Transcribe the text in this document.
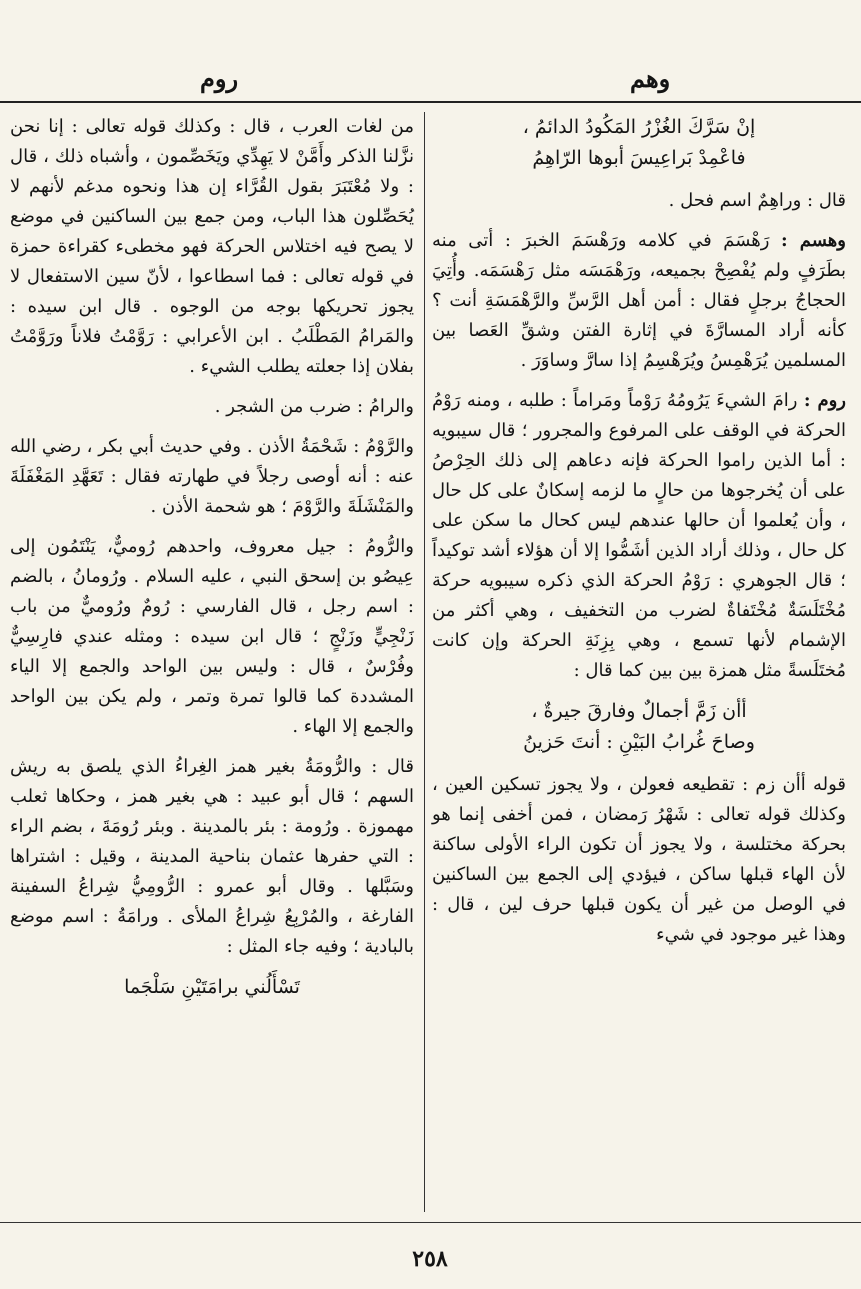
روم	وهم
إنْ سَرَّكَ الغُزْرُ المَكُودُ الدائمُ ،
فاعْمِدْ بَراعِيسَ أبوها الرّاهِمُ

قال : وراهِمٌ اسم فحل .

وهسم : رَهْسَمَ في كلامه ورَهْسَمَ الخبرَ : أتى منه بطَرَفٍ ولم يُفْصِحْ بجميعه، ورَهْمَسَه مثل رَهْسَمَه. وأُتِيَ الحجاجُ برجلٍ فقال : أمن أهل الرَّسِّ والرَّهْمَسَةِ أنت ؟ كأنه أراد المسارَّةَ في إثارة الفتن وشقِّ العَصا بين المسلمين يُرَهْمِسُ ويُرَهْسِمُ إذا سارَّ وساوَرَ .

روم : رامَ الشيءَ يَرُومُهُ رَوْماً ومَراماً : طلبه ، ومنه رَوْمُ الحركة في الوقف على المرفوع والمجرور ؛ قال سيبويه : أما الذين راموا الحركة فإنه دعاهم إلى ذلك الحِرْصُ على أن يُخرجوها من حالٍ ما لزمه إسكانٌ على كل حال ، وأن يُعلموا أن حالها عندهم ليس كحال ما سكن على كل حال ، وذلك أراد الذين أشَمُّوا إلا أن هؤلاء أشد توكيداً ؛ قال الجوهري : رَوْمُ الحركة الذي ذكره سيبويه حركة مُخْتَلَسَةٌ مُخْتَفاةٌ لضرب من التخفيف ، وهي أكثر من الإشمام لأنها تسمع ، وهي بِزِنَةِ الحركة وإن كانت مُختَلَسةً مثل همزة بين بين كما قال :

أأن زَمَّ أجمالٌ وفارقَ جيرةٌ ،
وصاحَ غُرابُ البَيْنِ : أنتَ حَزينُ

قوله أأن زم : تقطيعه فعولن ، ولا يجوز تسكين العين ، وكذلك قوله تعالى : شَهْرُ رَمضان ، فمن أخفى إنما هو بحركة مختلسة ، ولا يجوز أن تكون الراء الأولى ساكنة لأن الهاء قبلها ساكن ، فيؤدي إلى الجمع بين الساكنين في الوصل من غير أن يكون قبلها حرف لين ، قال : وهذا غير موجود في شيء

من لغات العرب ، قال : وكذلك قوله تعالى : إنا نحن نزَّلنا الذكر وأَمَّنْ لا يَهِدِّي ويَخَصِّمون ، وأشباه ذلك ، قال : ولا مُعْتَبَرَ بقول القُرَّاء إن هذا ونحوه مدغم لأنهم لا يُحَصِّلون هذا الباب، ومن جمع بين الساكنين في موضع لا يصح فيه اختلاس الحركة فهو مخطىء كقراءة حمزة في قوله تعالى : فما اسطاعوا ، لأنّ سين الاستفعال لا يجوز تحريكها بوجه من الوجوه . قال ابن سيده : والمَرامُ المَطْلَبُ . ابن الأعرابي : رَوَّمْتُ فلاناً ورَوَّمْتُ بفلان إذا جعلته يطلب الشيء .

والرامُ : ضرب من الشجر .

والرَّوْمُ : شَحْمَةُ الأذن . وفي حديث أبي بكر ، رضي الله عنه : أنه أوصى رجلاً في طهارته فقال : تَعَهَّدِ المَغْفَلَةَ والمَنْشَلَةَ والرَّوْمَ ؛ هو شحمة الأذن .

والرُّومُ : جيل معروف، واحدهم رُوميٌّ، يَنْتَمُون إلى عِيصُو بن إسحق النبي ، عليه السلام . ورُومانُ ، بالضم : اسم رجل ، قال الفارسي : رُومٌ ورُوميٌّ من باب زَنْجِيٍّ وزَنْجٍ ؛ قال ابن سيده : ومثله عندي فارِسِيٌّ وفُرْسٌ ، قال : وليس بين الواحد والجمع إلا الياء المشددة كما قالوا تمرة وتمر ، ولم يكن بين الواحد والجمع إلا الهاء .

قال : والرُّومَةُ بغير همز الغِراءُ الذي يلصق به ريش السهم ؛ قال أبو عبيد : هي بغير همز ، وحكاها ثعلب مهموزة . ورُومة : بئر بالمدينة . وبئر رُومَةَ ، بضم الراء : التي حفرها عثمان بناحية المدينة ، وقيل : اشتراها وسَبَّلها . وقال أبو عمرو : الرُّومِيُّ شِراعُ السفينة الفارغة ، والمُرْبِعُ شِراعُ الملأى . ورامَةُ : اسم موضع بالبادية ؛ وفيه جاء المثل :

تَسْأَلُني برامَتَيْنِ سَلْجَما
٢٥٨
